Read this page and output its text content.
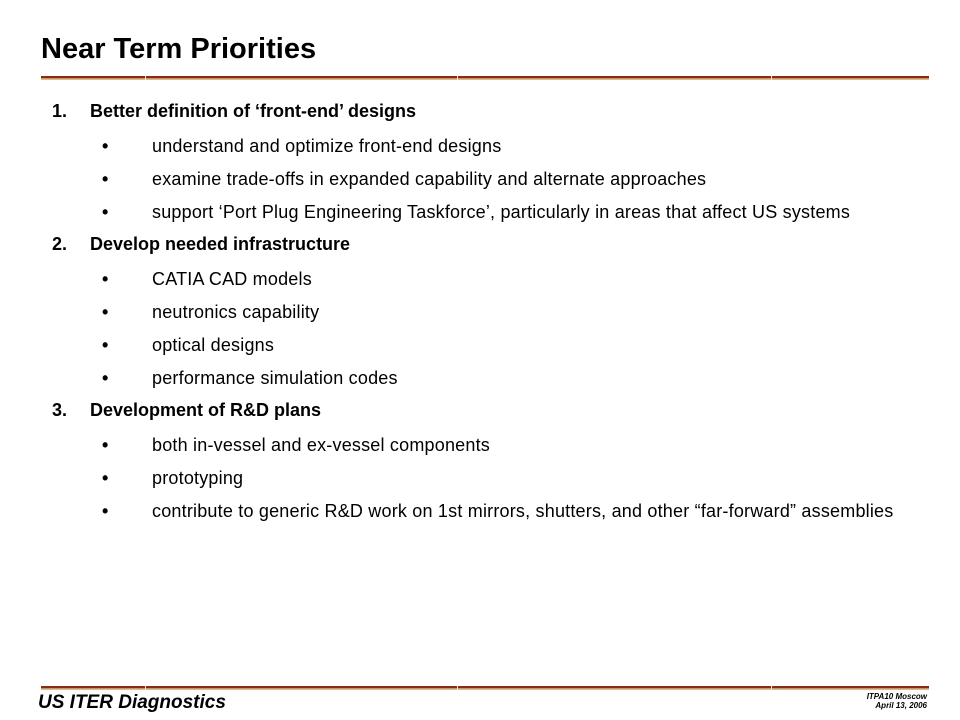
Near Term Priorities
1.	Better definition of ‘front-end’ designs
•	understand and optimize front-end designs
•	examine trade-offs in expanded capability and alternate approaches
•	support ‘Port Plug Engineering Taskforce’, particularly in areas that affect US systems
2.	Develop needed infrastructure
•	CATIA CAD models
•	neutronics capability
•	optical designs
•	performance simulation codes
3.	Development of R&D plans
•	both in-vessel and ex-vessel components
•	prototyping
•	contribute to generic R&D work on 1st mirrors, shutters, and other “far-forward” assemblies
US ITER Diagnostics	ITPA10 Moscow
April 13, 2006
